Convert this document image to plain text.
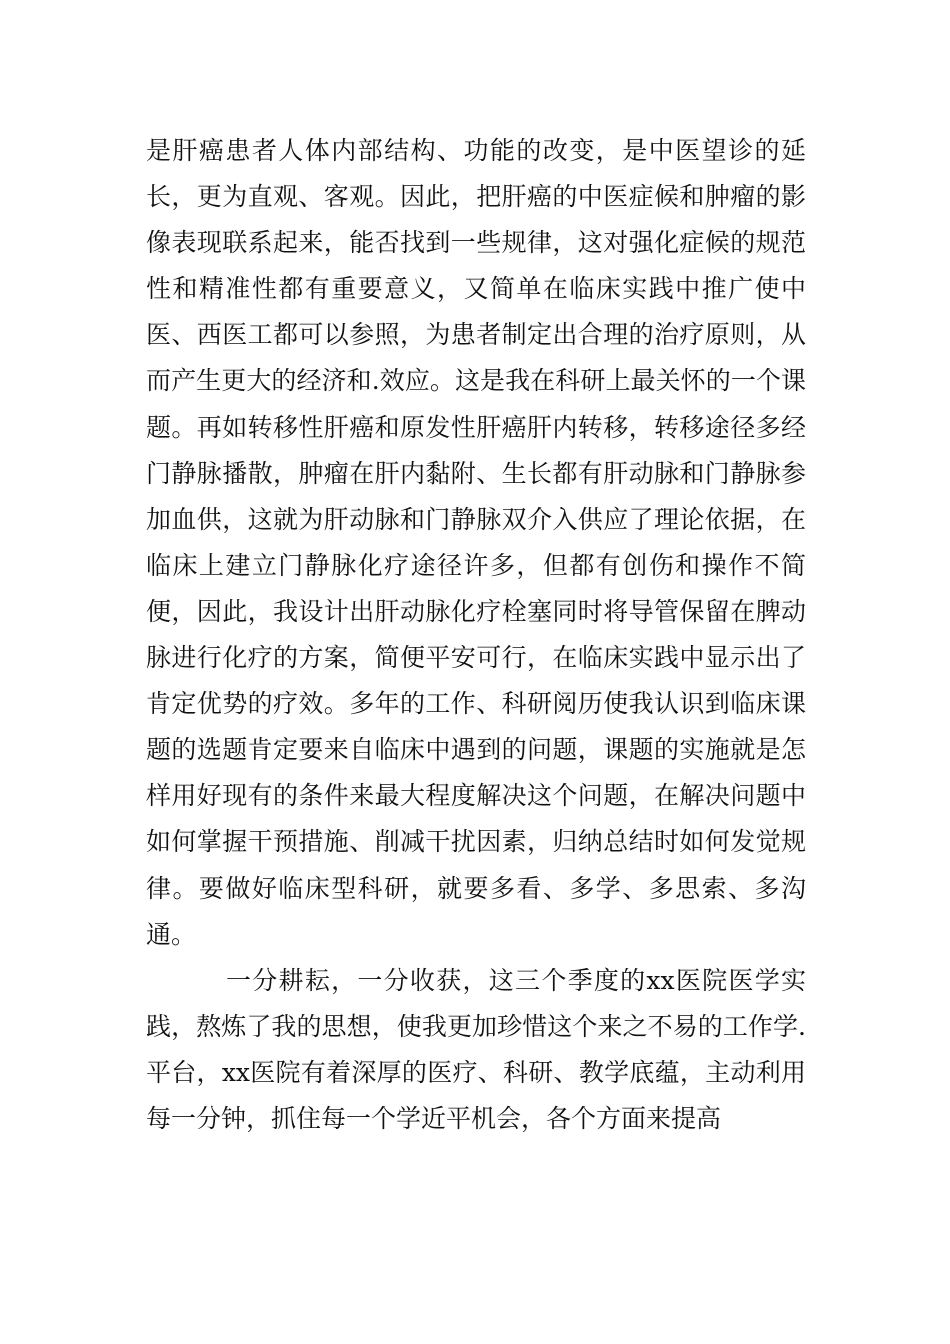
是肝癌患者人体内部结构、功能的改变，是中医望诊的延长，更为直观、客观。因此，把肝癌的中医症候和肿瘤的影像表现联系起来，能否找到一些规律，这对强化症候的规范性和精准性都有重要意义，又简单在临床实践中推广使中医、西医工都可以参照，为患者制定出合理的治疗原则，从而产生更大的经济和.效应。这是我在科研上最关怀的一个课题。再如转移性肝癌和原发性肝癌肝内转移，转移途径多经门静脉播散，肿瘤在肝内黏附、生长都有肝动脉和门静脉参加血供，这就为肝动脉和门静脉双介入供应了理论依据，在临床上建立门静脉化疗途径许多，但都有创伤和操作不简便，因此，我设计出肝动脉化疗栓塞同时将导管保留在脾动脉进行化疗的方案，简便平安可行，在临床实践中显示出了肯定优势的疗效。多年的工作、科研阅历使我认识到临床课题的选题肯定要来自临床中遇到的问题，课题的实施就是怎样用好现有的条件来最大程度解决这个问题，在解决问题中如何掌握干预措施、削减干扰因素，归纳总结时如何发觉规律。要做好临床型科研，就要多看、多学、多思索、多沟通。

一分耕耘，一分收获，这三个季度的xx医院医学实践，熬炼了我的思想，使我更加珍惜这个来之不易的工作学.平台，xx医院有着深厚的医疗、科研、教学底蕴，主动利用每一分钟，抓住每一个学近平机会，各个方面来提高
